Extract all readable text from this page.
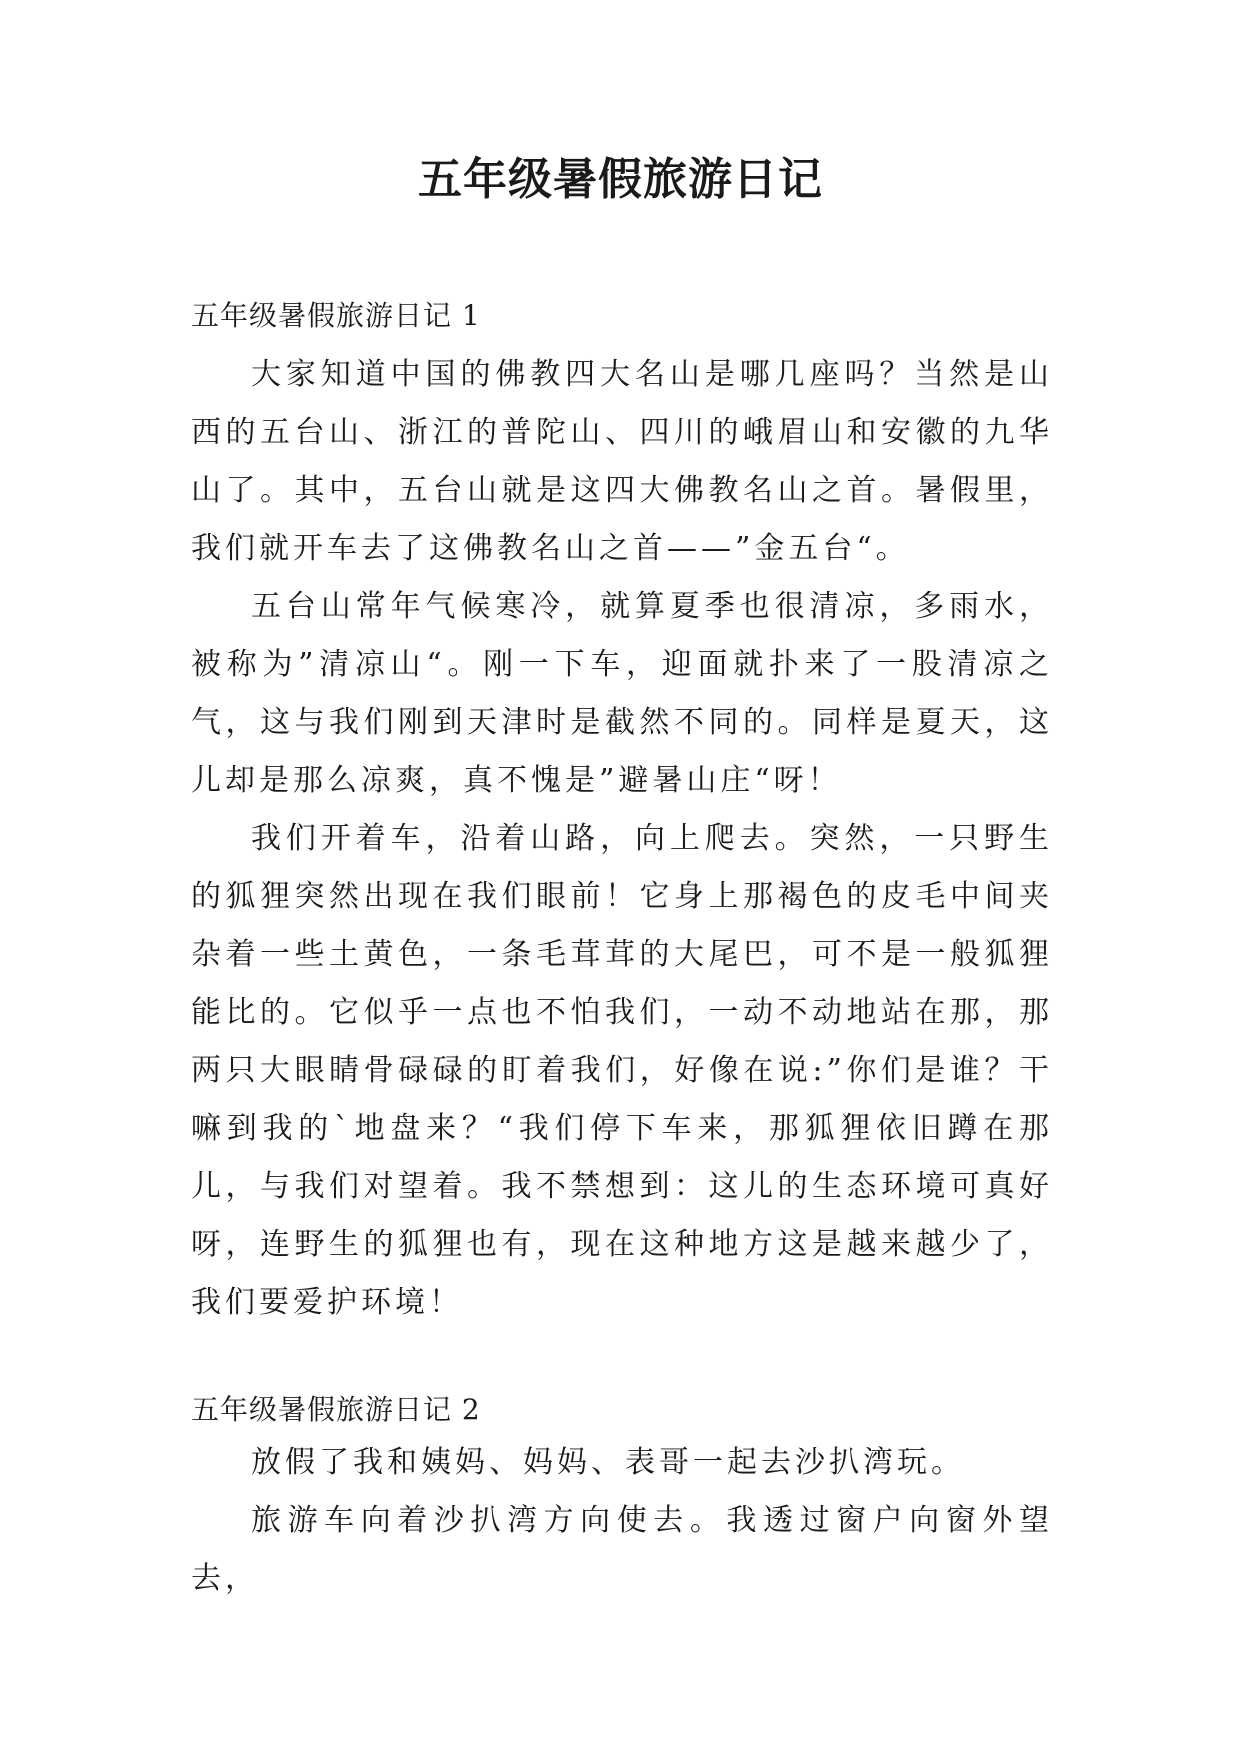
五年级暑假旅游日记

五年级暑假旅游日记 1

大家知道中国的佛教四大名山是哪几座吗？当然是山西的五台山、浙江的普陀山、四川的峨眉山和安徽的九华山了。其中，五台山就是这四大佛教名山之首。暑假里，我们就开车去了这佛教名山之首——”金五台“。

五台山常年气候寒冷，就算夏季也很清凉，多雨水，被称为”清凉山“。刚一下车，迎面就扑来了一股清凉之气，这与我们刚到天津时是截然不同的。同样是夏天，这儿却是那么凉爽，真不愧是”避暑山庄“呀！

我们开着车，沿着山路，向上爬去。突然，一只野生的狐狸突然出现在我们眼前！它身上那褐色的皮毛中间夹杂着一些土黄色，一条毛茸茸的大尾巴，可不是一般狐狸能比的。它似乎一点也不怕我们，一动不动地站在那，那两只大眼睛骨碌碌的盯着我们，好像在说:”你们是谁？干嘛到我的`地盘来？“我们停下车来，那狐狸依旧蹲在那儿，与我们对望着。我不禁想到：这儿的生态环境可真好呀，连野生的狐狸也有，现在这种地方这是越来越少了，我们要爱护环境！

五年级暑假旅游日记 2

放假了我和姨妈、妈妈、表哥一起去沙扒湾玩。

旅游车向着沙扒湾方向使去。我透过窗户向窗外望去，
